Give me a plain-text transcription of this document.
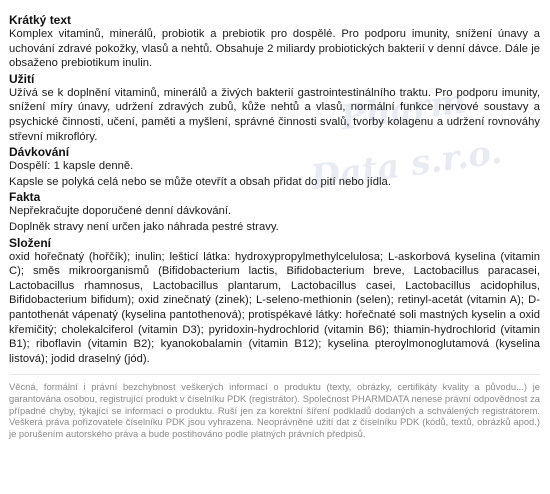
Pharm
Data s.r.o.

Krátký text

Komplex vitaminů, minerálů, probiotik a prebiotik pro dospělé. Pro podporu imunity, snížení únavy a uchování zdravé pokožky, vlasů a nehtů. Obsahuje 2 miliardy probiotických bakterií v denní dávce. Dále je obsaženo prebiotikum inulin.

Užití

Užívá se k doplnění vitaminů, minerálů a živých bakterií gastrointestinálního traktu. Pro podporu imunity, snížení míry únavy, udržení zdravých zubů, kůže nehtů a vlasů, normální funkce nervové soustavy a psychické činnosti, učení, paměti a myšlení, správné činnosti svalů, tvorby kolagenu a udržení rovnováhy střevní mikroflóry.

Dávkování

Dospělí: 1 kapsle denně.

Kapsle se polyká celá nebo se může otevřít a obsah přidat do pití nebo jídla.

Fakta

Nepřekračujte doporučené denní dávkování.

Doplněk stravy není určen jako náhrada pestré stravy.

Složení

oxid hořečnatý (hořčík); inulin; lešticí látka: hydroxypropylmethylcelulosa; L-askorbová kyselina (vitamin C); směs mikroorganismů (Bifidobacterium lactis, Bifidobacterium breve, Lactobacillus paracasei, Lactobacillus rhamnosus, Lactobacillus plantarum, Lactobacillus casei, Lactobacillus acidophilus, Bifidobacterium bifidum); oxid zinečnatý (zinek); L-seleno-methionin (selen); retinyl-acetát (vitamin A); D-pantothenát vápenatý (kyselina pantothenová); protispékavé látky: hořečnaté soli mastných kyselin a oxid křemičitý; cholekalciferol (vitamin D3); pyridoxin-hydrochlorid (vitamin B6); thiamin-hydrochlorid (vitamin B1); riboflavin (vitamin B2); kyanokobalamin (vitamin B12); kyselina pteroylmonoglutamová (kyselina listová); jodid draselný (jód).

Věcná, formální i právní bezchybnost veškerých informací o produktu (texty, obrázky, certifikáty kvality a původu...) je garantována osobou, registrující produkt v číselníku PDK (registrátor). Společnost PHARMDATA nenese právní odpovědnost za případné chyby, týkající se informací o produktu. Ruší jen za korektní šíření podkladů dodaných a schválených registrátorem. Veškerá práva pořizovatele číselníku PDK jsou vyhrazena. Neoprávněné užití dat z číselníku PDK (kódů, textů, obrázků apod.) je porušením autorského práva a bude postihováno podle platných právních předpisů.
